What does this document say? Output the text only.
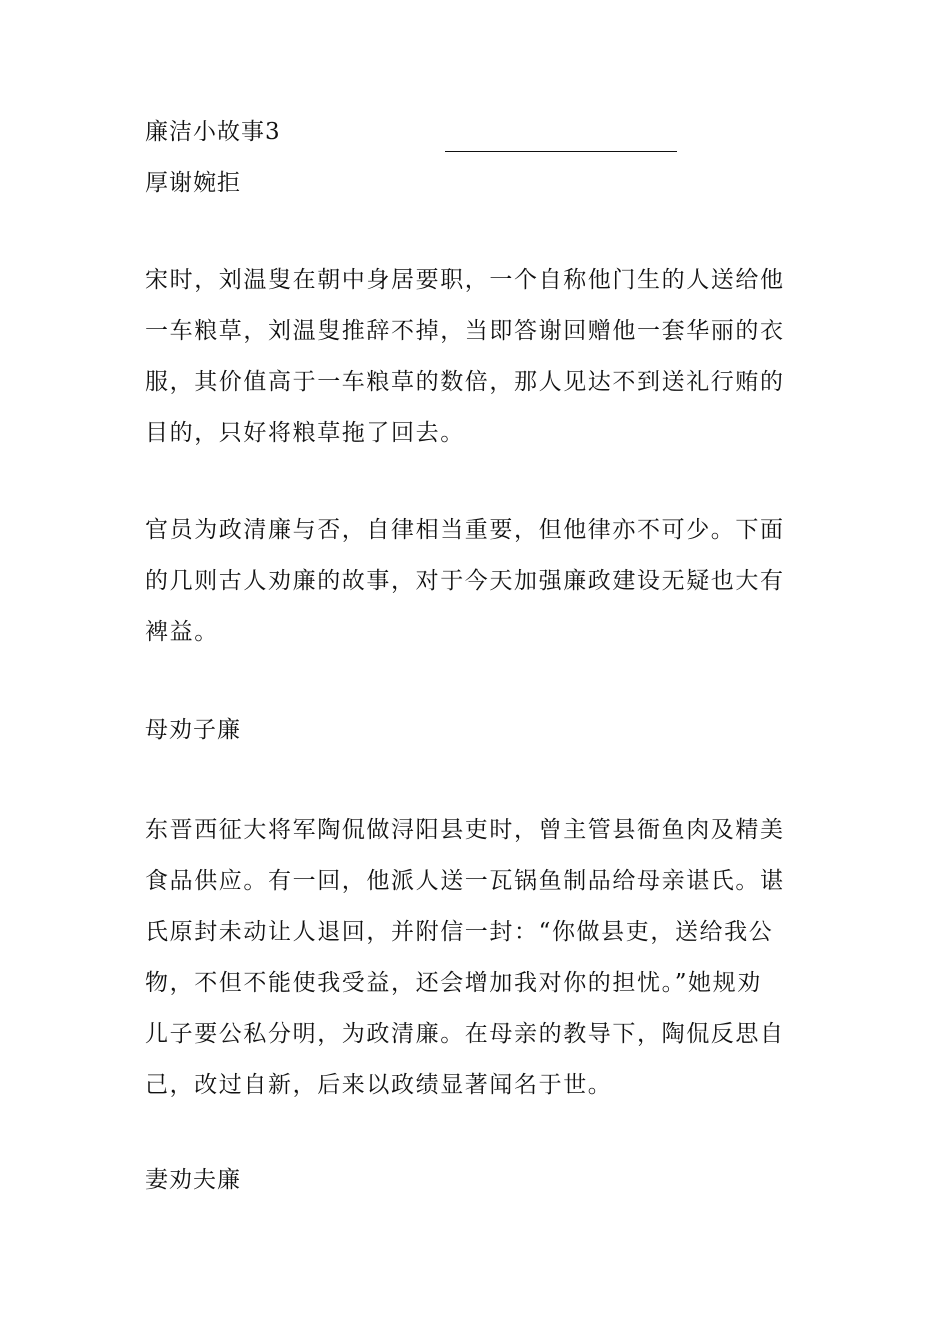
廉洁小故事3
厚谢婉拒

宋时，刘温叟在朝中身居要职，一个自称他门生的人送给他
一车粮草，刘温叟推辞不掉，当即答谢回赠他一套华丽的衣
服，其价值高于一车粮草的数倍，那人见达不到送礼行贿的
目的，只好将粮草拖了回去。

官员为政清廉与否，自律相当重要，但他律亦不可少。下面
的几则古人劝廉的故事，对于今天加强廉政建设无疑也大有
裨益。

母劝子廉

东晋西征大将军陶侃做浔阳县吏时，曾主管县衙鱼肉及精美
食品供应。有一回，他派人送一瓦锅鱼制品给母亲谌氏。谌
氏原封未动让人退回，并附信一封：“你做县吏，送给我公
物，不但不能使我受益，还会增加我对你的担忧。”她规劝
儿子要公私分明，为政清廉。在母亲的教导下，陶侃反思自
己，改过自新，后来以政绩显著闻名于世。

妻劝夫廉
